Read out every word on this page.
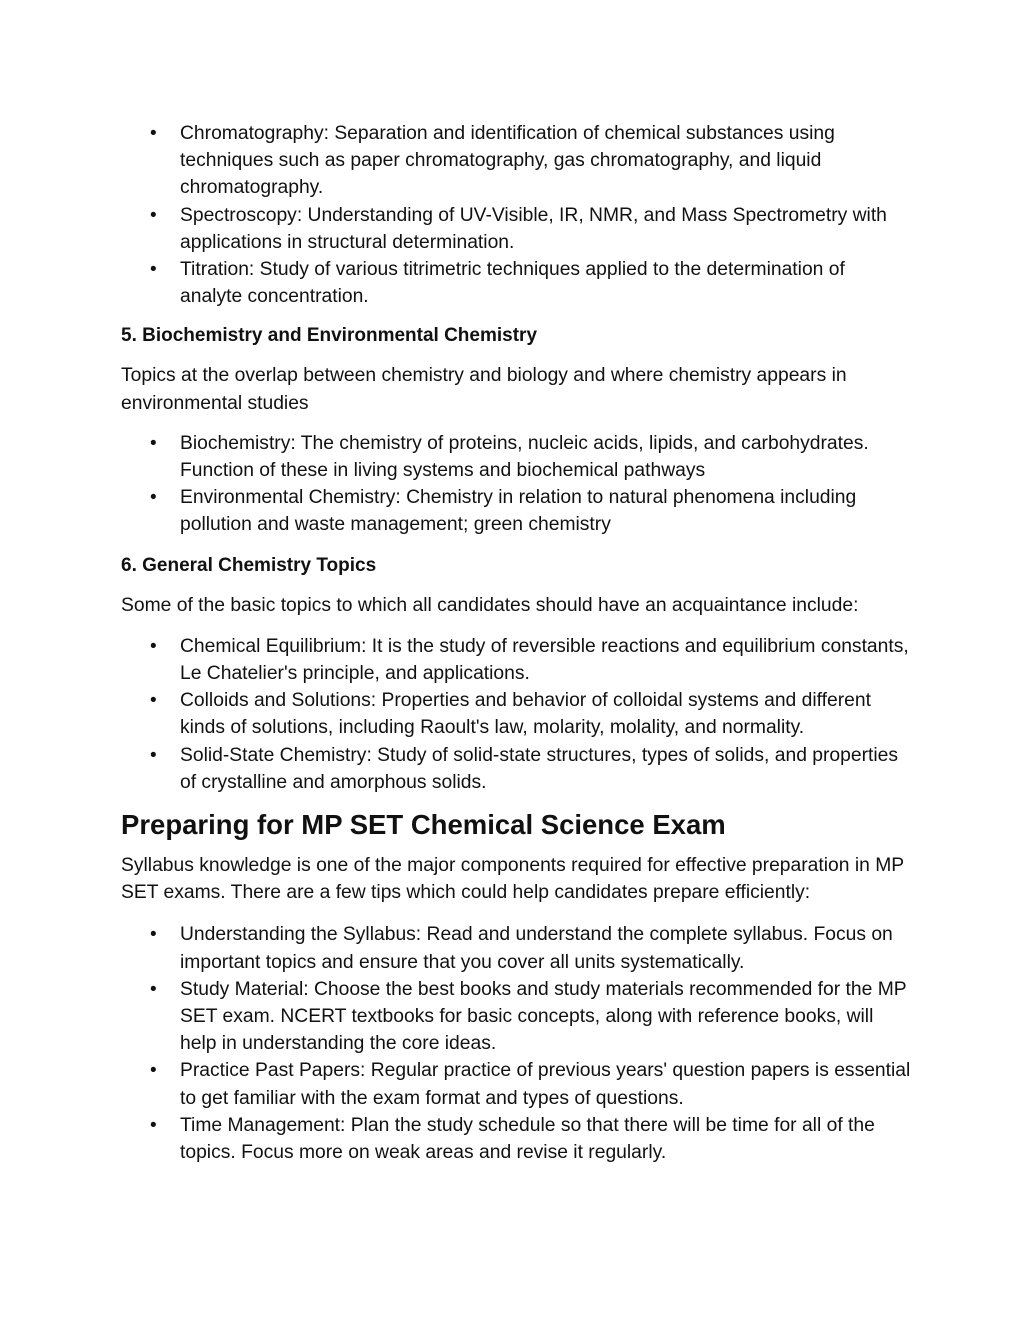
• Chromatography: Separation and identification of chemical substances using techniques such as paper chromatography, gas chromatography, and liquid chromatography.
• Spectroscopy: Understanding of UV-Visible, IR, NMR, and Mass Spectrometry with applications in structural determination.
• Titration: Study of various titrimetric techniques applied to the determination of analyte concentration.
5. Biochemistry and Environmental Chemistry

Topics at the overlap between chemistry and biology and where chemistry appears in environmental studies

• Biochemistry: The chemistry of proteins, nucleic acids, lipids, and carbohydrates. Function of these in living systems and biochemical pathways
• Environmental Chemistry: Chemistry in relation to natural phenomena including pollution and waste management; green chemistry
6. General Chemistry Topics

Some of the basic topics to which all candidates should have an acquaintance include:

• Chemical Equilibrium: It is the study of reversible reactions and equilibrium constants, Le Chatelier's principle, and applications.
• Colloids and Solutions: Properties and behavior of colloidal systems and different kinds of solutions, including Raoult's law, molarity, molality, and normality.
• Solid-State Chemistry: Study of solid-state structures, types of solids, and properties of crystalline and amorphous solids.
Preparing for MP SET Chemical Science Exam

Syllabus knowledge is one of the major components required for effective preparation in MP SET exams. There are a few tips which could help candidates prepare efficiently:

• Understanding the Syllabus: Read and understand the complete syllabus. Focus on important topics and ensure that you cover all units systematically.
• Study Material: Choose the best books and study materials recommended for the MP SET exam. NCERT textbooks for basic concepts, along with reference books, will help in understanding the core ideas.
• Practice Past Papers: Regular practice of previous years' question papers is essential to get familiar with the exam format and types of questions.
• Time Management: Plan the study schedule so that there will be time for all of the topics. Focus more on weak areas and revise it regularly.
